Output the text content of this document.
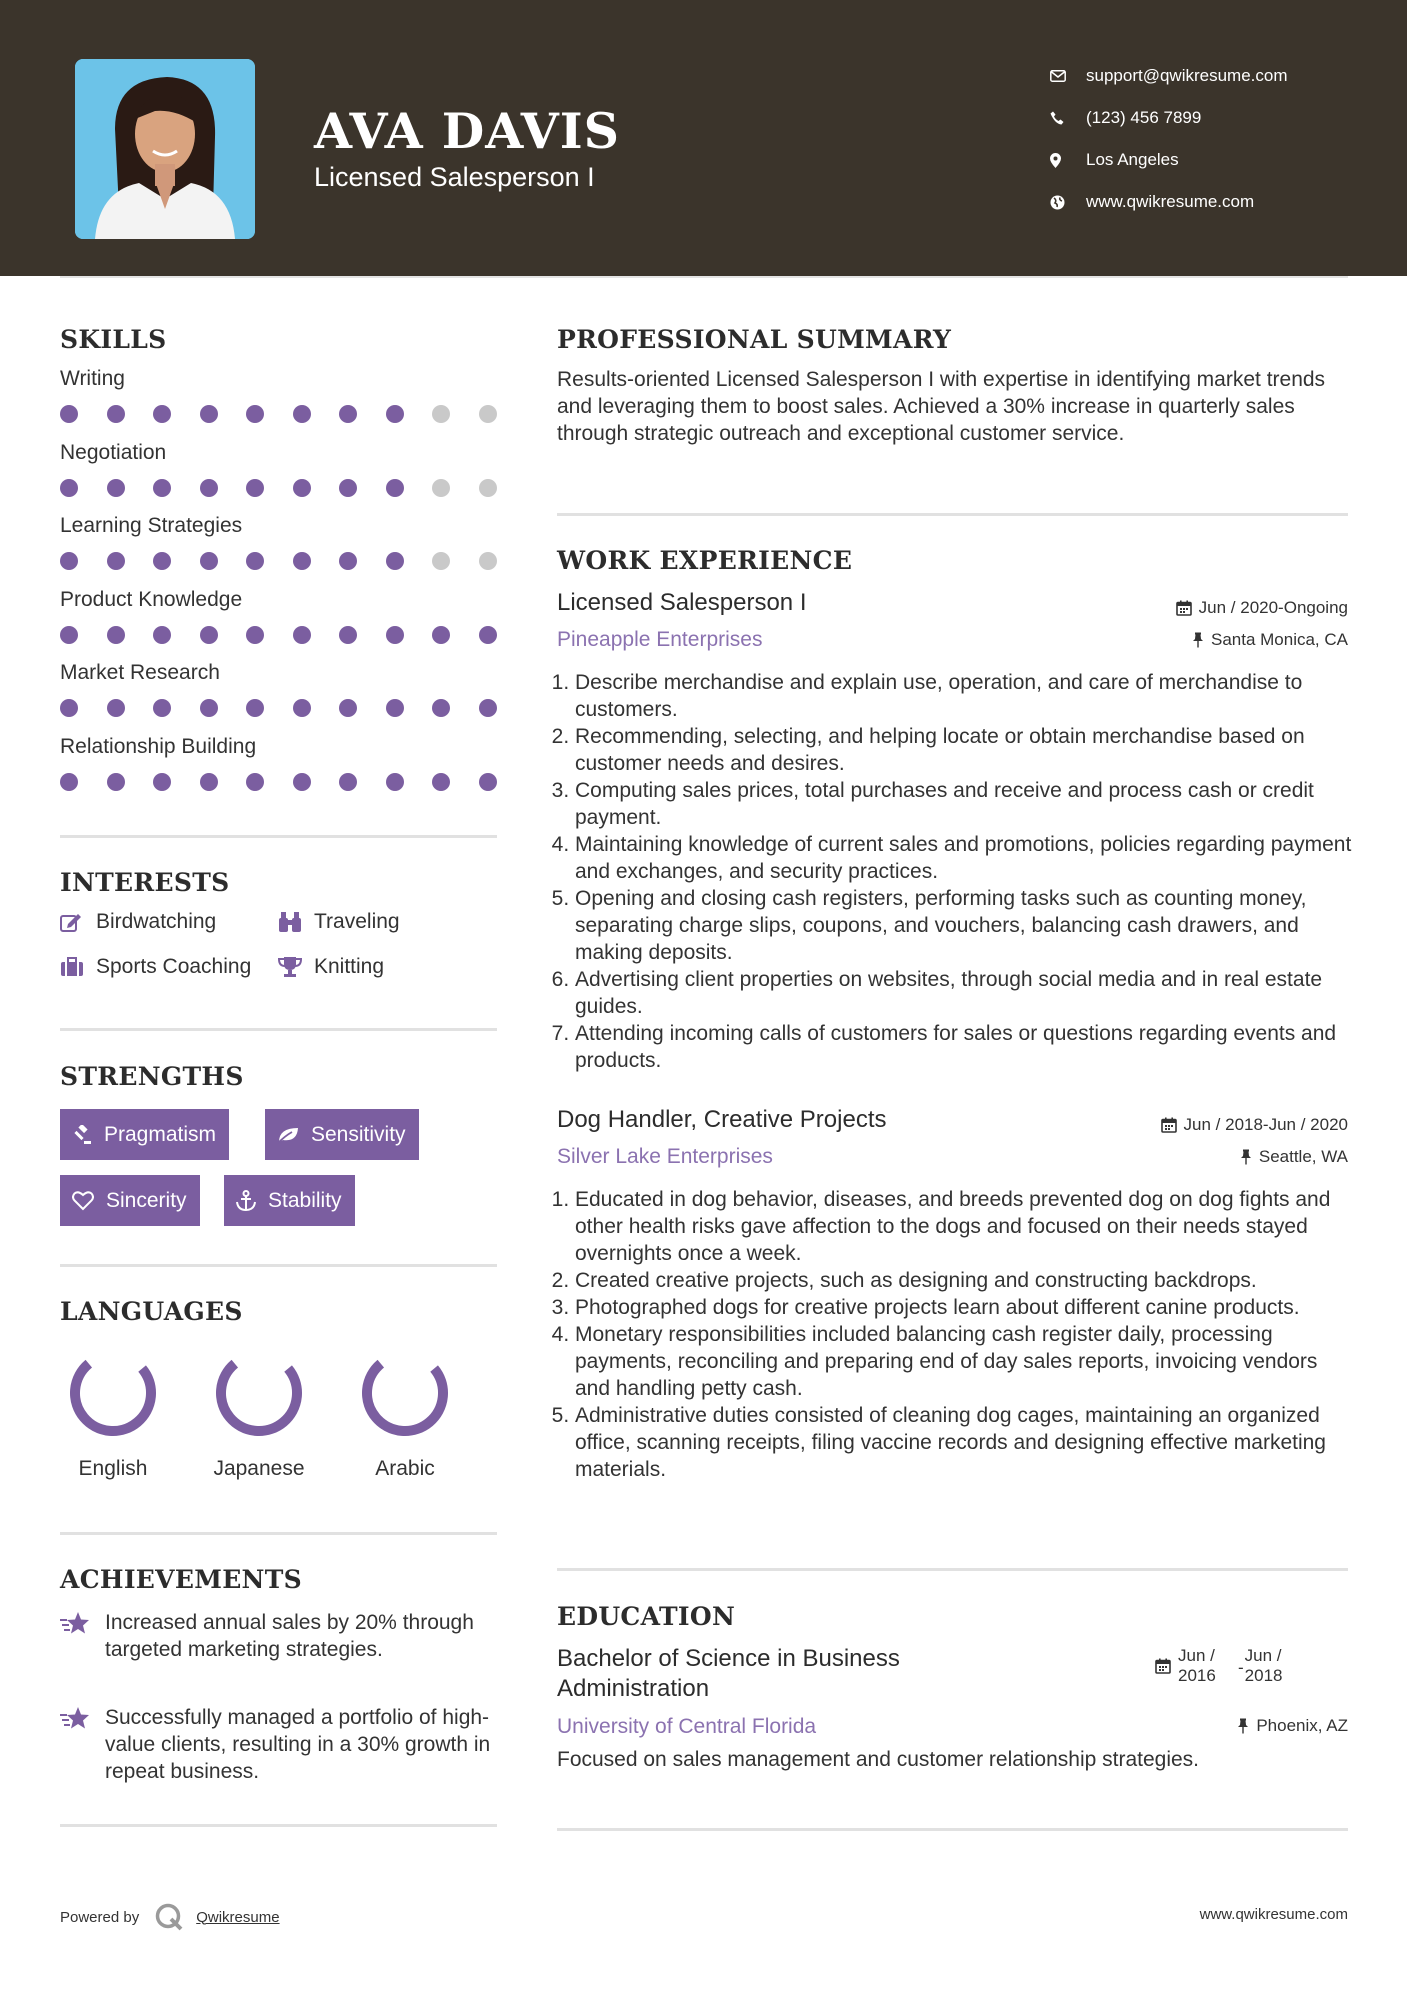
AVA DAVIS
Licensed Salesperson I
support@qwikresume.com
(123) 456 7899
Los Angeles
www.qwikresume.com
SKILLS
Writing
Negotiation
Learning Strategies
Product Knowledge
Market Research
Relationship Building
INTERESTS
Birdwatching	Traveling
Sports Coaching	Knitting
STRENGTHS
Pragmatism	Sensitivity
Sincerity	Stability
LANGUAGES
English	Japanese	Arabic
ACHIEVEMENTS
Increased annual sales by 20% through targeted marketing strategies.
Successfully managed a portfolio of high-value clients, resulting in a 30% growth in repeat business.
PROFESSIONAL SUMMARY
Results-oriented Licensed Salesperson I with expertise in identifying market trends and leveraging them to boost sales. Achieved a 30% increase in quarterly sales through strategic outreach and exceptional customer service.
WORK EXPERIENCE
Licensed Salesperson I	Jun / 2020-Ongoing
Pineapple Enterprises	Santa Monica, CA
1. Describe merchandise and explain use, operation, and care of merchandise to customers.
2. Recommending, selecting, and helping locate or obtain merchandise based on customer needs and desires.
3. Computing sales prices, total purchases and receive and process cash or credit payment.
4. Maintaining knowledge of current sales and promotions, policies regarding payment and exchanges, and security practices.
5. Opening and closing cash registers, performing tasks such as counting money, separating charge slips, coupons, and vouchers, balancing cash drawers, and making deposits.
6. Advertising client properties on websites, through social media and in real estate guides.
7. Attending incoming calls of customers for sales or questions regarding events and products.
Dog Handler, Creative Projects	Jun / 2018-Jun / 2020
Silver Lake Enterprises	Seattle, WA
1. Educated in dog behavior, diseases, and breeds prevented dog on dog fights and other health risks gave affection to the dogs and focused on their needs stayed overnights once a week.
2. Created creative projects, such as designing and constructing backdrops.
3. Photographed dogs for creative projects learn about different canine products.
4. Monetary responsibilities included balancing cash register daily, processing payments, reconciling and preparing end of day sales reports, invoicing vendors and handling petty cash.
5. Administrative duties consisted of cleaning dog cages, maintaining an organized office, scanning receipts, filing vaccine records and designing effective marketing materials.
EDUCATION
Bachelor of Science in Business Administration
Jun /
2016	-
Jun /
2018
University of Central Florida	Phoenix, AZ
Focused on sales management and customer relationship strategies.
Powered by	Qwikresume	www.qwikresume.com
